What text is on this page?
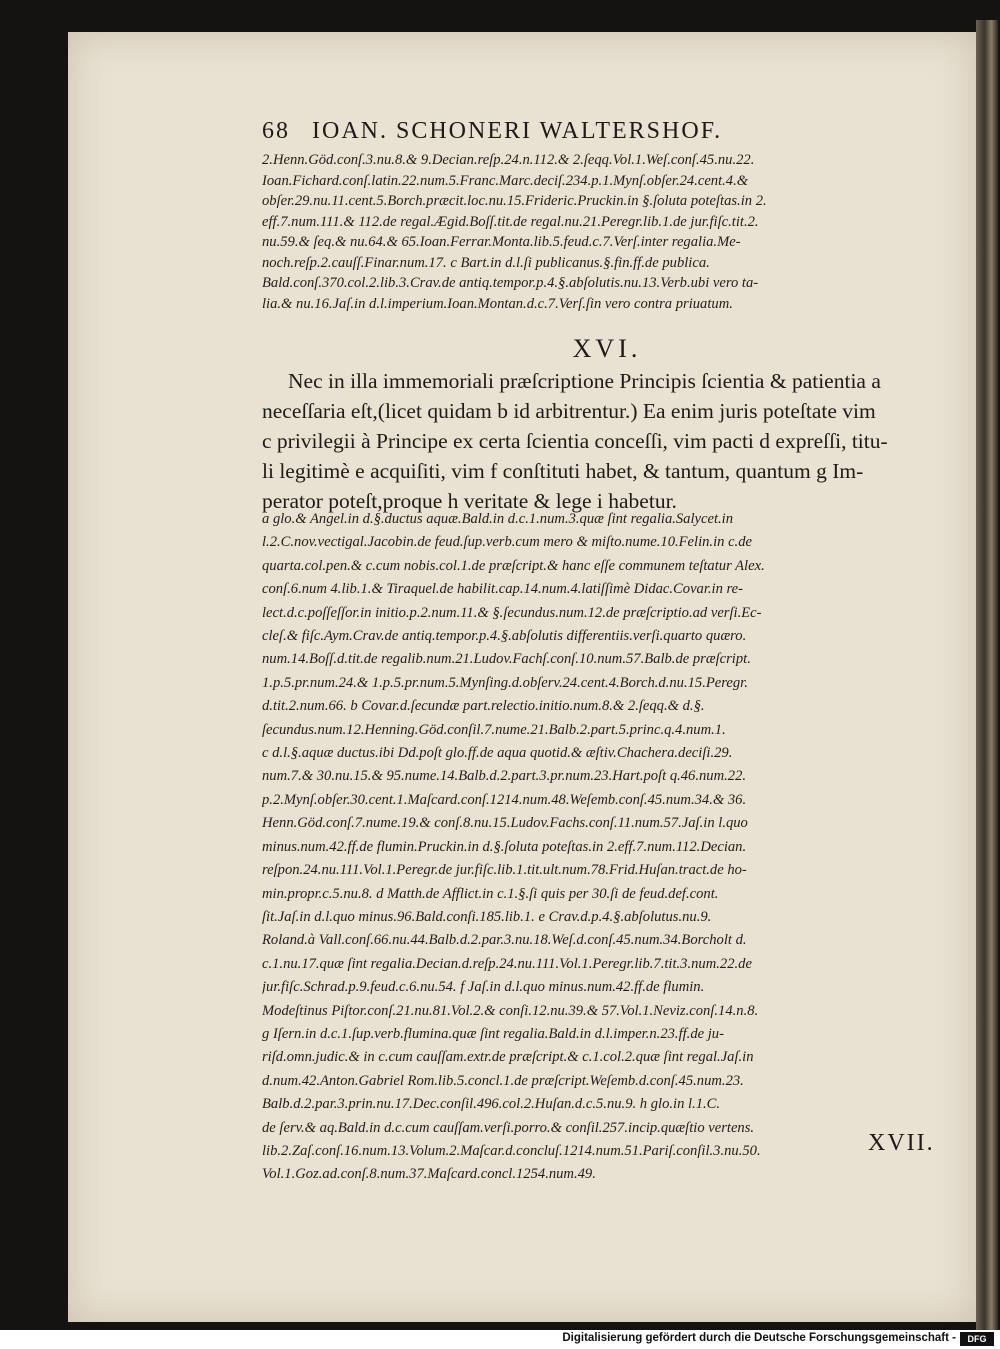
68 IOAN. SCHONERI WALTERSHOF.
2.Henn.Göd.conſ.3.nu.8.& 9.Decian.reſp.24.n.112.& 2.ſeqq.Vol.1.Weſ.conſ.45.nu.22.
Ioan.Fichard.conſ.latin.22.num.5.Franc.Marc.deciſ.234.p.1.Mynſ.obſer.24.cent.4.&
obſer.29.nu.11.cent.5.Borch.præcit.loc.nu.15.Frideric.Pruckin.in §.ſoluta poteſtas.in 2.
eff.7.num.111.& 112.de regal.Ægid.Boſſ.tit.de regal.nu.21.Peregr.lib.1.de jur.fiſc.tit.2.
nu.59.& ſeq.& nu.64.& 65.Ioan.Ferrar.Monta.lib.5.feud.c.7.Verſ.inter regalia.Me-
noch.reſp.2.cauſſ.Finar.num.17. c Bart.in d.l.ſi publicanus.§.fin.ff.de publica.
Bald.conſ.370.col.2.lib.3.Crav.de antiq.tempor.p.4.§.abſolutis.nu.13.Verb.ubi vero ta-
lia.& nu.16.Jaſ.in d.l.imperium.Ioan.Montan.d.c.7.Verſ.ſin vero contra priuatum.
XVI.
Nec in illa immemoriali præſcriptione Principis ſcientia & patientia a
neceſſaria eſt,(licet quidam b id arbitrentur.) Ea enim juris poteſtate vim
c privilegii à Principe ex certa ſcientia conceſſi, vim pacti d expreſſi, titu-
li legitimè e acquiſiti, vim f conſtituti habet, & tantum, quantum g Im-
perator poteſt,proque h veritate & lege i habetur.
a glo.& Angel.in d.§.ductus aquæ.Bald.in d.c.1.num.3.quæ ſint regalia.Salycet.in
l.2.C.nov.vectigal.Jacobin.de feud.ſup.verb.cum mero & miſto.nume.10.Felin.in c.de
quarta.col.pen.& c.cum nobis.col.1.de præſcript.& hanc eſſe communem teſtatur Alex.
conſ.6.num 4.lib.1.& Tiraquel.de habilit.cap.14.num.4.latiſſimè Didac.Covar.in re-
lect.d.c.poſſeſſor.in initio.p.2.num.11.& §.ſecundus.num.12.de præſcriptio.ad verſi.Ec-
cleſ.& fiſc.Aym.Crav.de antiq.tempor.p.4.§.abſolutis differentiis.verſi.quarto quæro.
num.14.Boſſ.d.tit.de regalib.num.21.Ludov.Fachſ.conſ.10.num.57.Balb.de præſcript.
1.p.5.pr.num.24.& 1.p.5.pr.num.5.Mynſing.d.obſerv.24.cent.4.Borch.d.nu.15.Peregr.
d.tit.2.num.66. b Covar.d.ſecundæ part.relectio.initio.num.8.& 2.ſeqq.& d.§.
ſecundus.num.12.Henning.Göd.conſil.7.nume.21.Balb.2.part.5.princ.q.4.num.1.
c d.l.§.aquæ ductus.ibi Dd.poſt glo.ff.de aqua quotid.& æſtiv.Chachera.deciſi.29.
num.7.& 30.nu.15.& 95.nume.14.Balb.d.2.part.3.pr.num.23.Hart.poſt q.46.num.22.
p.2.Mynſ.obſer.30.cent.1.Maſcard.conſ.1214.num.48.Weſemb.conſ.45.num.34.& 36.
Henn.Göd.conſ.7.nume.19.& conſ.8.nu.15.Ludov.Fachs.conſ.11.num.57.Jaſ.in l.quo
minus.num.42.ff.de flumin.Pruckin.in d.§.ſoluta poteſtas.in 2.eff.7.num.112.Decian.
reſpon.24.nu.111.Vol.1.Peregr.de jur.fiſc.lib.1.tit.ult.num.78.Frid.Huſan.tract.de ho-
min.propr.c.5.nu.8. d Matth.de Afflict.in c.1.§.ſi quis per 30.ſi de feud.def.cont.
ſit.Jaſ.in d.l.quo minus.96.Bald.conſi.185.lib.1. e Crav.d.p.4.§.abſolutus.nu.9.
Roland.à Vall.conſ.66.nu.44.Balb.d.2.par.3.nu.18.Weſ.d.conſ.45.num.34.Borcholt d.
c.1.nu.17.quæ ſint regalia.Decian.d.reſp.24.nu.111.Vol.1.Peregr.lib.7.tit.3.num.22.de
jur.fiſc.Schrad.p.9.feud.c.6.nu.54. f Jaſ.in d.l.quo minus.num.42.ff.de flumin.
Modeſtinus Piſtor.conſ.21.nu.81.Vol.2.& conſi.12.nu.39.& 57.Vol.1.Neviz.conſ.14.n.8.
g Iſern.in d.c.1.ſup.verb.flumina.quæ ſint regalia.Bald.in d.l.imper.n.23.ff.de ju-
riſd.omn.judic.& in c.cum cauſſam.extr.de præſcript.& c.1.col.2.quæ ſint regal.Jaſ.in
d.num.42.Anton.Gabriel Rom.lib.5.concl.1.de præſcript.Weſemb.d.conſ.45.num.23.
Balb.d.2.par.3.prin.nu.17.Dec.conſil.496.col.2.Huſan.d.c.5.nu.9. h glo.in l.1.C.
de ſerv.& aq.Bald.in d.c.cum cauſſam.verſi.porro.& conſil.257.incip.quæſtio vertens.
lib.2.Zaſ.conſ.16.num.13.Volum.2.Maſcar.d.concluſ.1214.num.51.Pariſ.conſil.3.nu.50.
Vol.1.Goz.ad.conſ.8.num.37.Maſcard.concl.1254.num.49.
XVII.
Digitalisierung gefördert durch die Deutsche Forschungsgemeinschaft -	DFG
